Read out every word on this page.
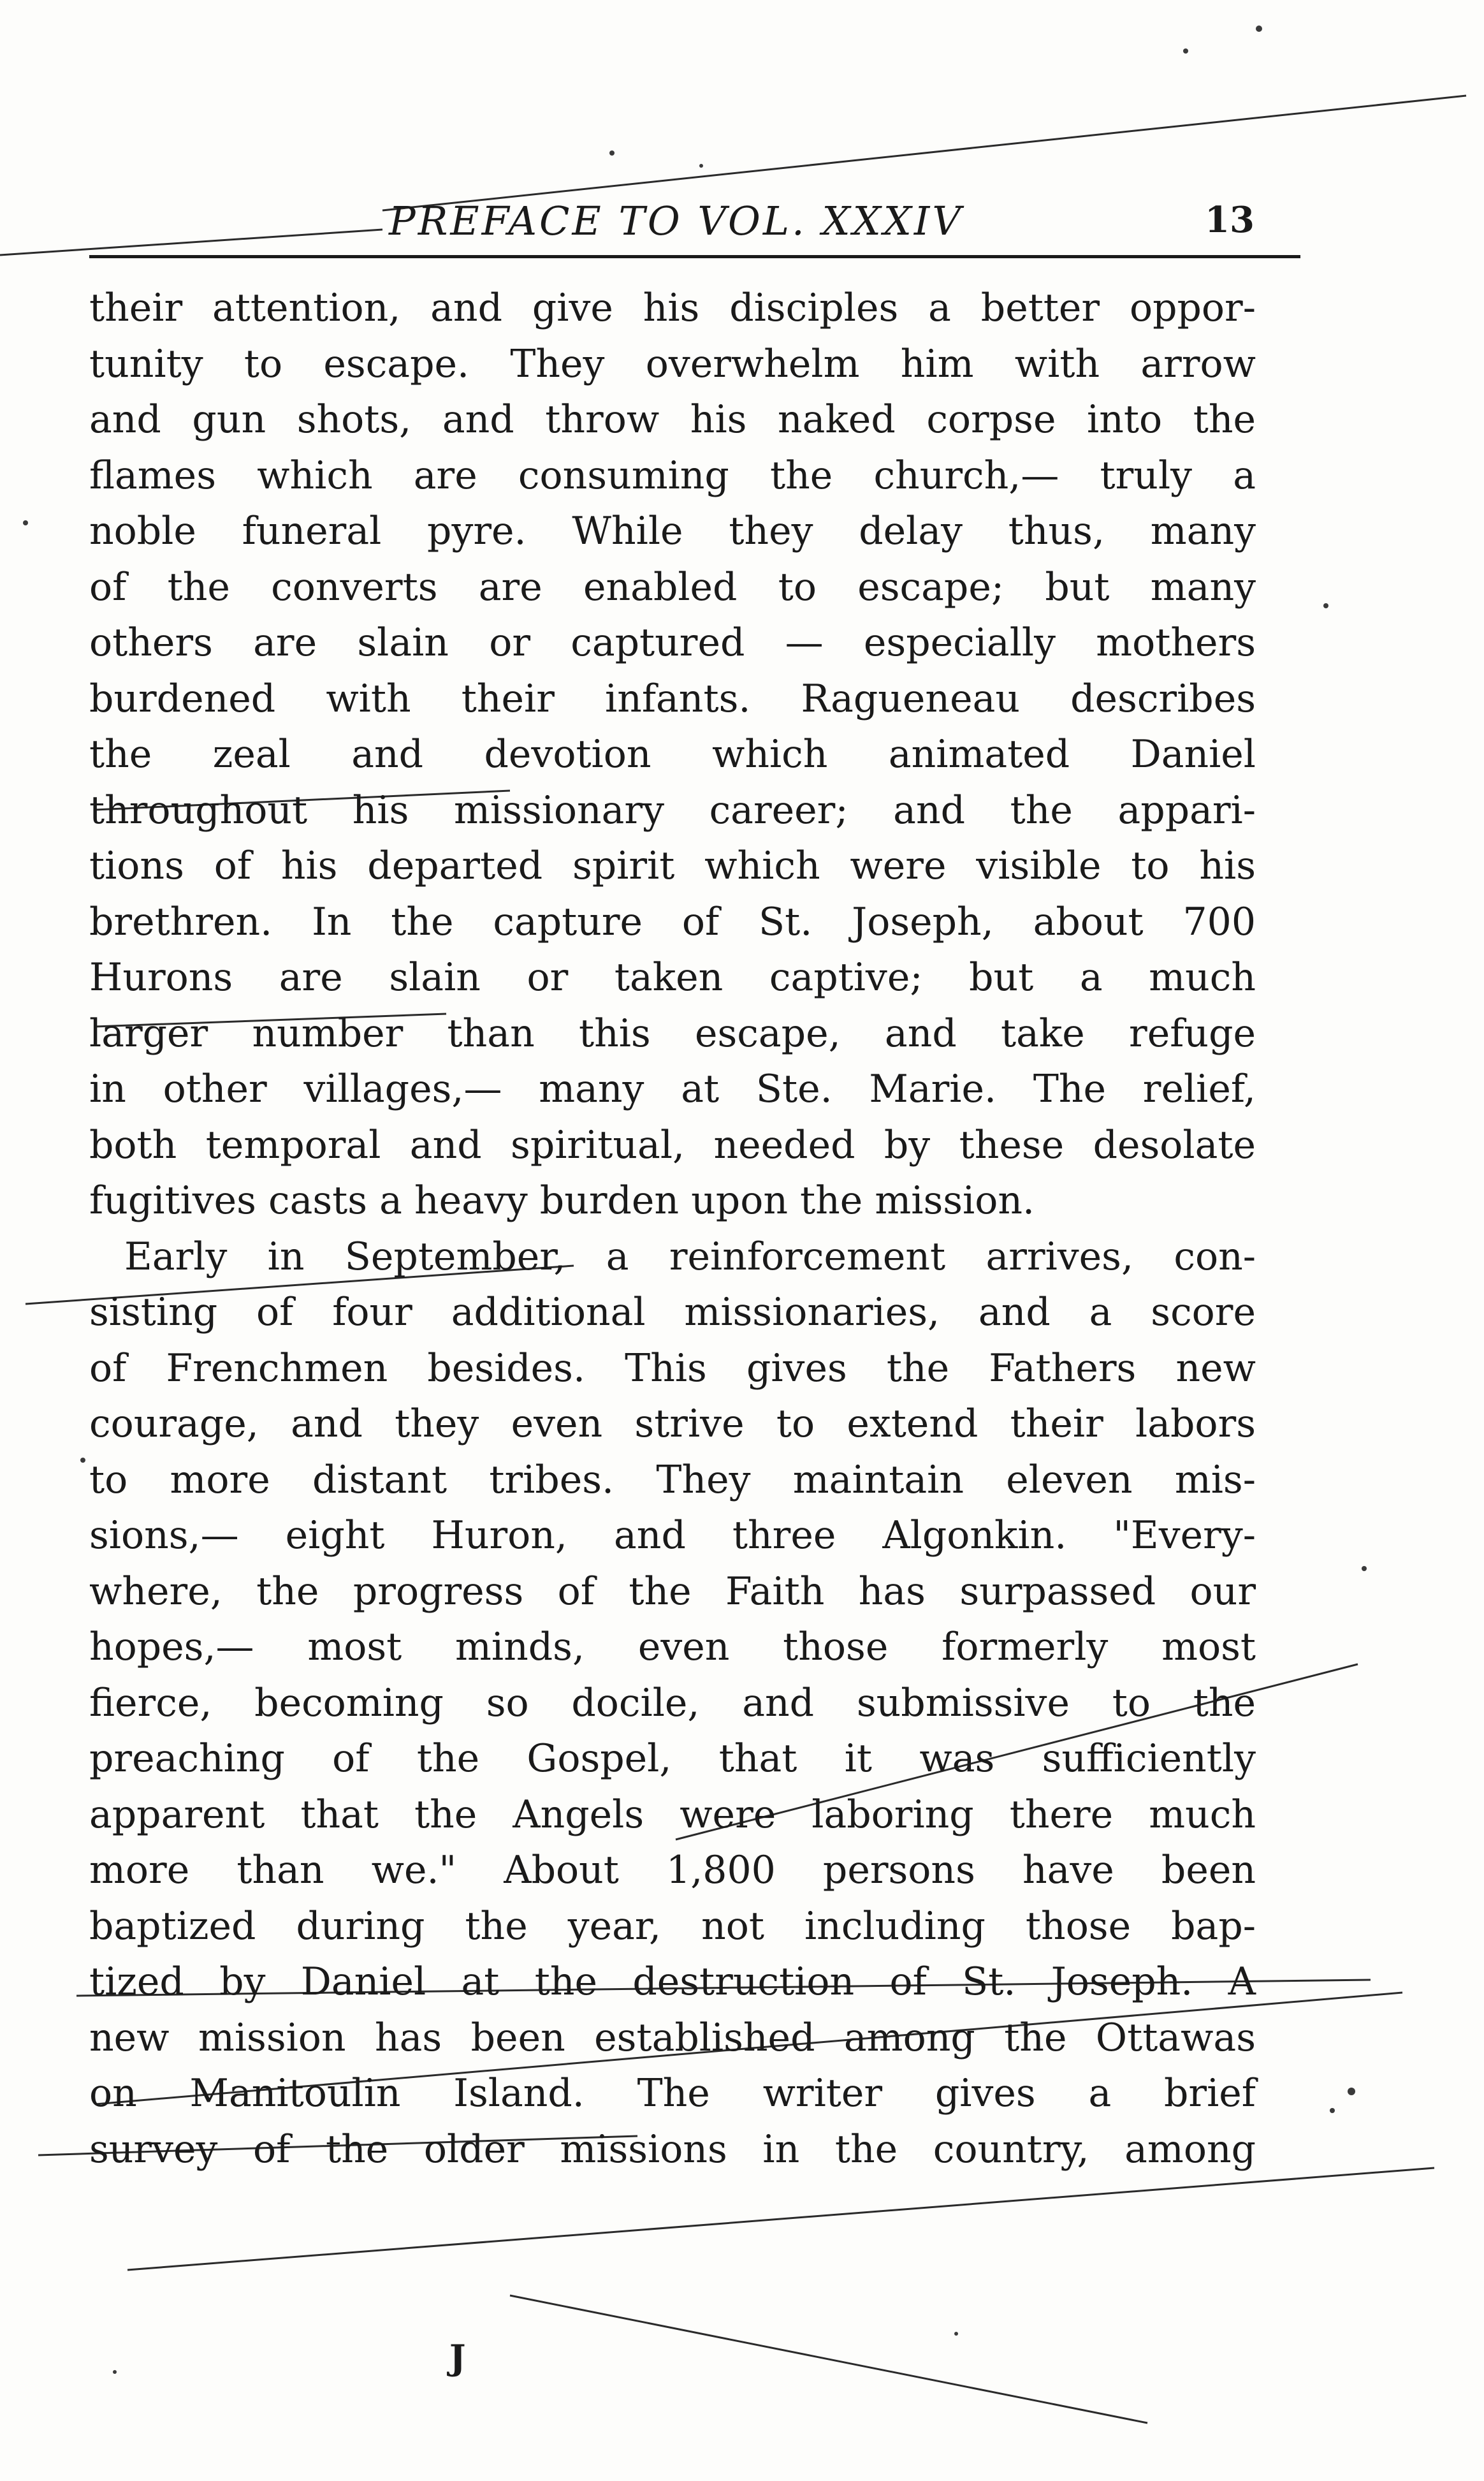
PREFACE TO VOL. XXXIV	13
their attention, and give his disciples a better oppor-
tunity to escape. They overwhelm him with arrow
and gun shots, and throw his naked corpse into the
flames which are consuming the church,— truly a
noble funeral pyre. While they delay thus, many
of the converts are enabled to escape; but many
others are slain or captured — especially mothers
burdened with their infants. Ragueneau describes
the zeal and devotion which animated Daniel
throughout his missionary career; and the appari-
tions of his departed spirit which were visible to his
brethren. In the capture of St. Joseph, about 700
Hurons are slain or taken captive; but a much
larger number than this escape, and take refuge
in other villages,— many at Ste. Marie. The relief,
both temporal and spiritual, needed by these desolate
fugitives casts a heavy burden upon the mission.
Early in September, a reinforcement arrives, con-
sisting of four additional missionaries, and a score
of Frenchmen besides. This gives the Fathers new
courage, and they even strive to extend their labors
to more distant tribes. They maintain eleven mis-
sions,— eight Huron, and three Algonkin. "Every-
where, the progress of the Faith has surpassed our
hopes,— most minds, even those formerly most
fierce, becoming so docile, and submissive to the
preaching of the Gospel, that it was sufficiently
apparent that the Angels were laboring there much
more than we." About 1,800 persons have been
baptized during the year, not including those bap-
tized by Daniel at the destruction of St. Joseph. A
new mission has been established among the Ottawas
on Manitoulin Island. The writer gives a brief
survey of the older missions in the country, among
J
